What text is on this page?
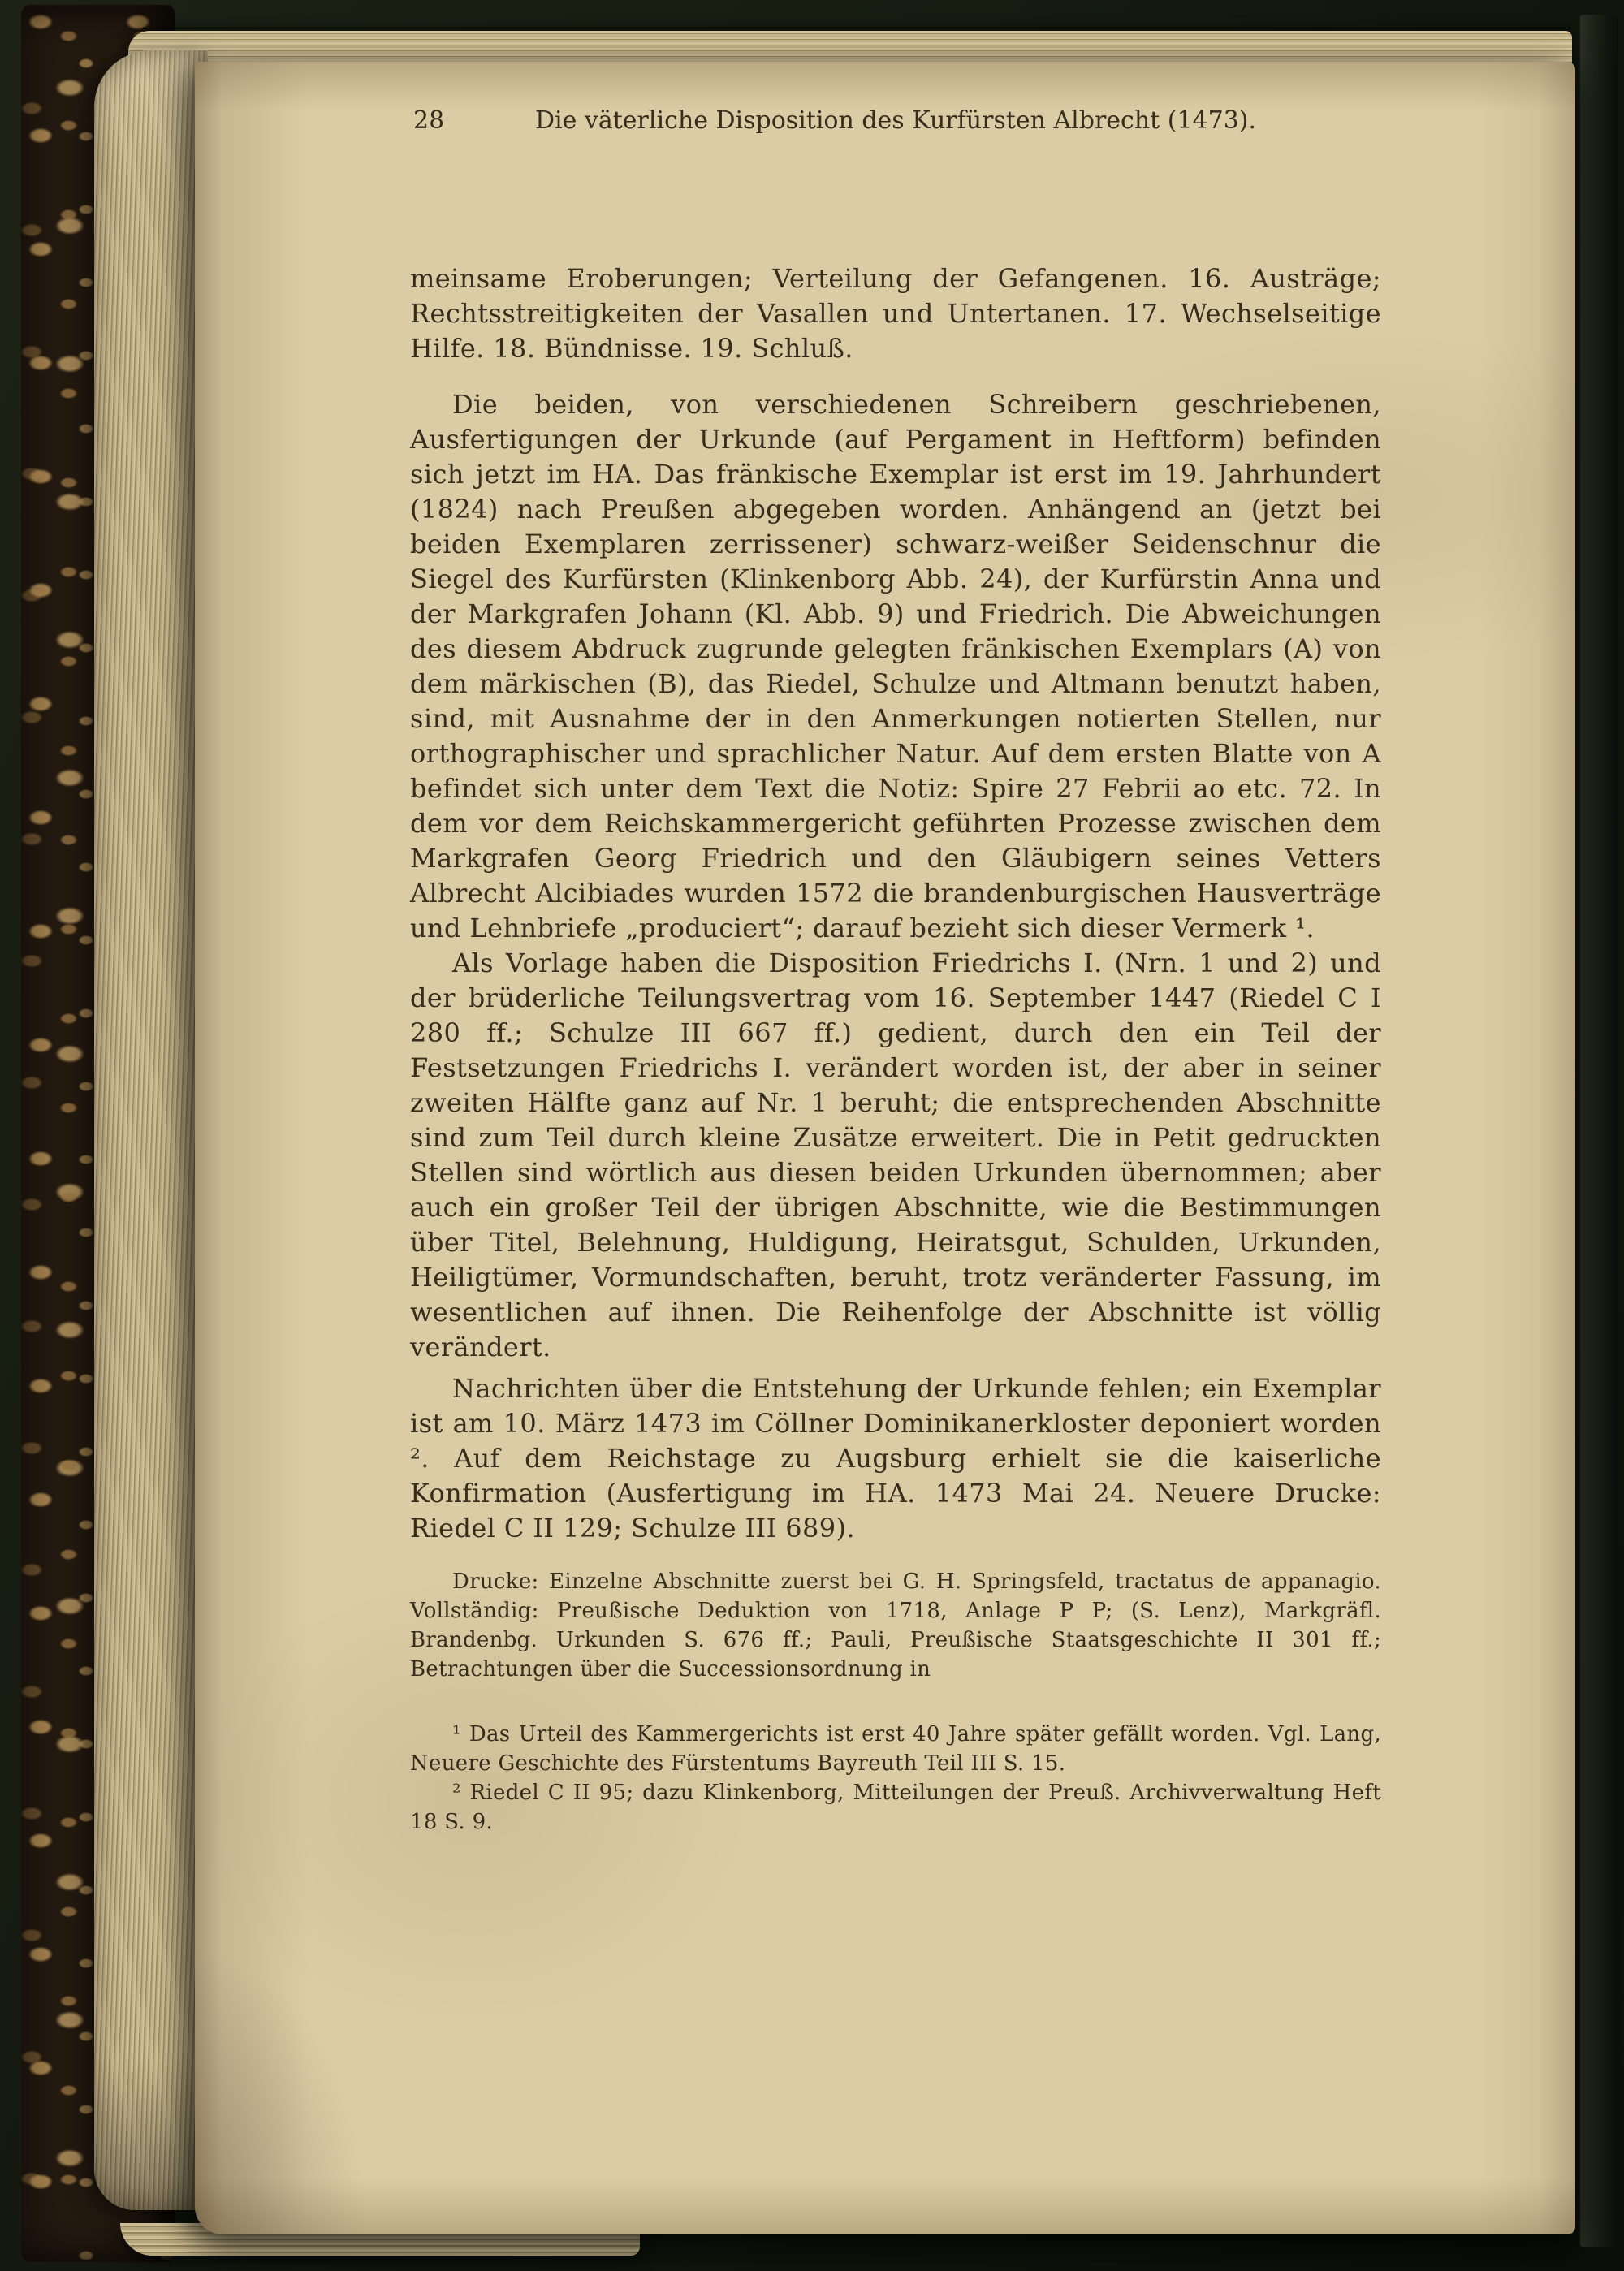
28	Die väterliche Disposition des Kurfürsten Albrecht (1473).

meinsame Eroberungen; Verteilung der Gefangenen. 16. Austräge; Rechtsstreitigkeiten der Vasallen und Untertanen. 17. Wechselseitige Hilfe. 18. Bündnisse. 19. Schluß.

Die beiden, von verschiedenen Schreibern geschriebenen, Ausfertigungen der Urkunde (auf Pergament in Heftform) befinden sich jetzt im HA. Das fränkische Exemplar ist erst im 19. Jahrhundert (1824) nach Preußen abgegeben worden. Anhängend an (jetzt bei beiden Exemplaren zerrissener) schwarz-weißer Seidenschnur die Siegel des Kurfürsten (Klinkenborg Abb. 24), der Kurfürstin Anna und der Markgrafen Johann (Kl. Abb. 9) und Friedrich. Die Abweichungen des diesem Abdruck zugrunde gelegten fränkischen Exemplars (A) von dem märkischen (B), das Riedel, Schulze und Altmann benutzt haben, sind, mit Ausnahme der in den Anmerkungen notierten Stellen, nur orthographischer und sprachlicher Natur. Auf dem ersten Blatte von A befindet sich unter dem Text die Notiz: Spire 27 Febrii ao etc. 72. In dem vor dem Reichskammergericht geführten Prozesse zwischen dem Markgrafen Georg Friedrich und den Gläubigern seines Vetters Albrecht Alcibiades wurden 1572 die brandenburgischen Hausverträge und Lehnbriefe „produciert“; darauf bezieht sich dieser Vermerk ¹.

Als Vorlage haben die Disposition Friedrichs I. (Nrn. 1 und 2) und der brüderliche Teilungsvertrag vom 16. September 1447 (Riedel C I 280 ff.; Schulze III 667 ff.) gedient, durch den ein Teil der Festsetzungen Friedrichs I. verändert worden ist, der aber in seiner zweiten Hälfte ganz auf Nr. 1 beruht; die entsprechenden Abschnitte sind zum Teil durch kleine Zusätze erweitert. Die in Petit gedruckten Stellen sind wörtlich aus diesen beiden Urkunden übernommen; aber auch ein großer Teil der übrigen Abschnitte, wie die Bestimmungen über Titel, Belehnung, Huldigung, Heiratsgut, Schulden, Urkunden, Heiligtümer, Vormundschaften, beruht, trotz veränderter Fassung, im wesentlichen auf ihnen. Die Reihenfolge der Abschnitte ist völlig verändert.

Nachrichten über die Entstehung der Urkunde fehlen; ein Exemplar ist am 10. März 1473 im Cöllner Dominikanerkloster deponiert worden ². Auf dem Reichstage zu Augsburg erhielt sie die kaiserliche Konfirmation (Ausfertigung im HA. 1473 Mai 24. Neuere Drucke: Riedel C II 129; Schulze III 689).

Drucke: Einzelne Abschnitte zuerst bei G. H. Springsfeld, tractatus de appanagio. Vollständig: Preußische Deduktion von 1718, Anlage P P; (S. Lenz), Markgräfl. Brandenbg. Urkunden S. 676 ff.; Pauli, Preußische Staatsgeschichte II 301 ff.; Betrachtungen über die Successionsordnung in

¹ Das Urteil des Kammergerichts ist erst 40 Jahre später gefällt worden. Vgl. Lang, Neuere Geschichte des Fürstentums Bayreuth Teil III S. 15.

² Riedel C II 95; dazu Klinkenborg, Mitteilungen der Preuß. Archivverwaltung Heft 18 S. 9.
